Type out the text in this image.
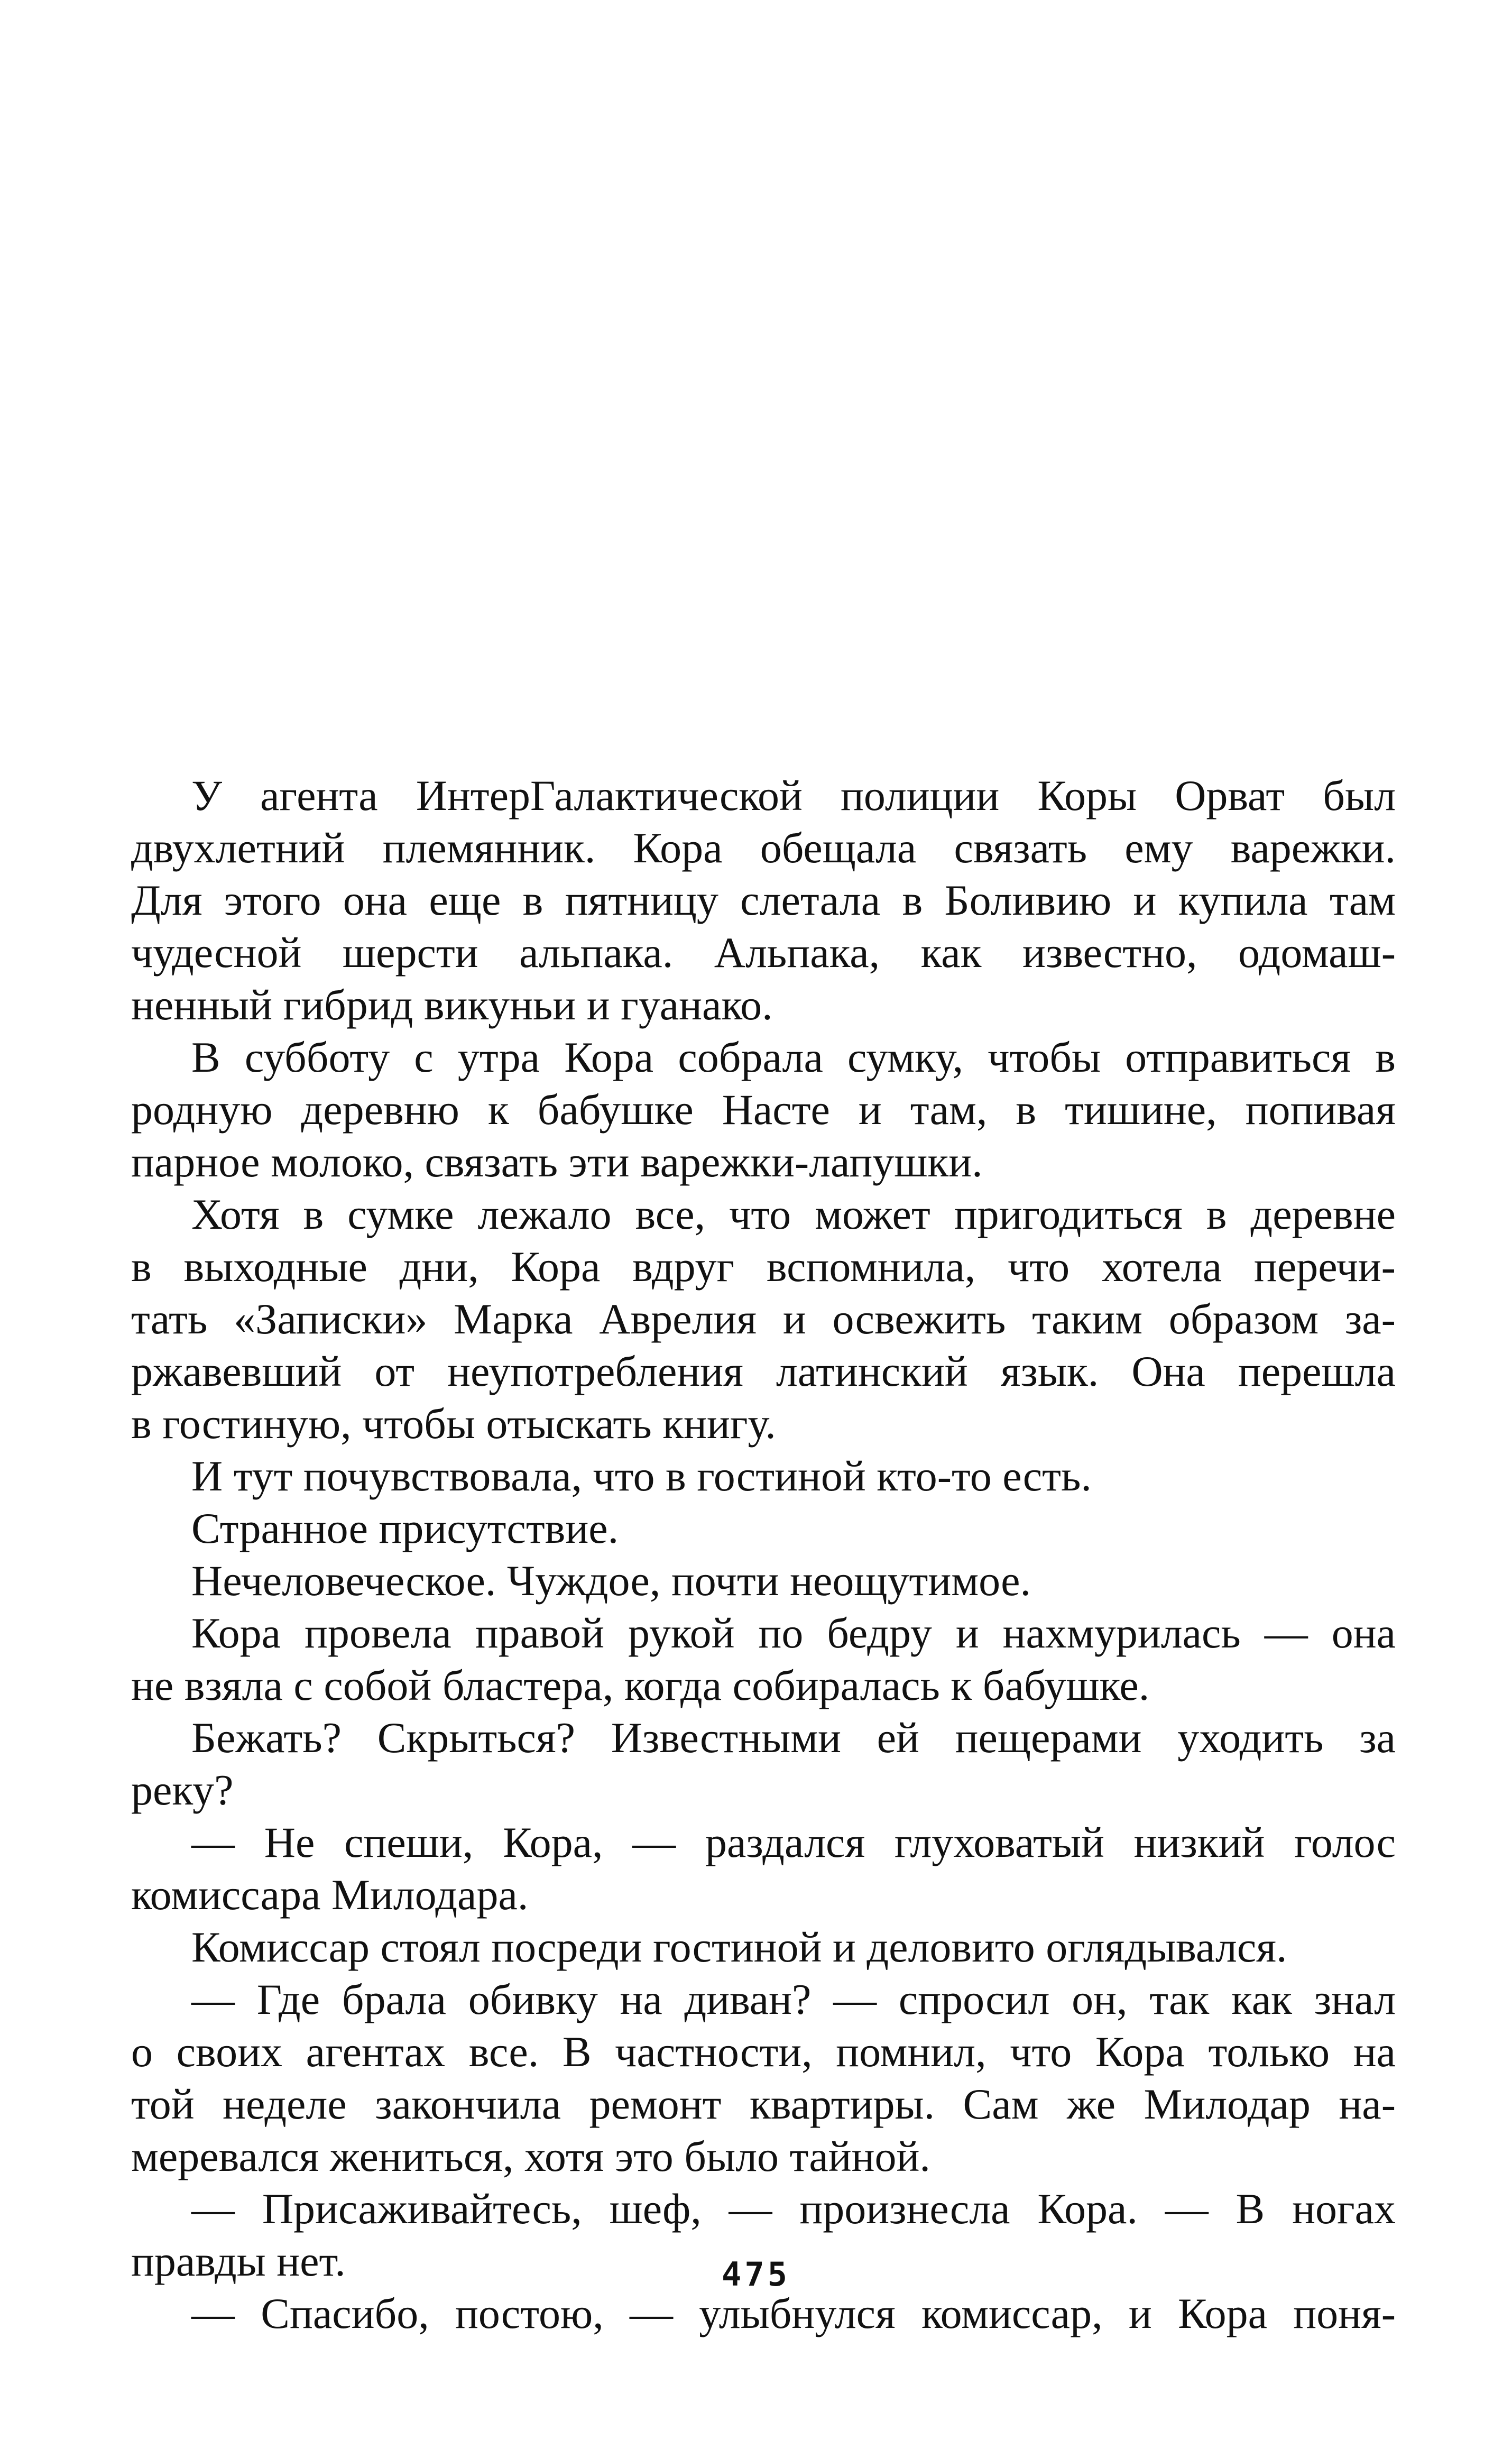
У агента ИнтерГалактической полиции Коры Орват был
двухлетний племянник. Кора обещала связать ему варежки.
Для этого она еще в пятницу слетала в Боливию и купила там
чудесной шерсти альпака. Альпака, как известно, одомаш-
ненный гибрид викуньи и гуанако.
В субботу с утра Кора собрала сумку, чтобы отправиться в
родную деревню к бабушке Насте и там, в тишине, попивая
парное молоко, связать эти варежки-лапушки.
Хотя в сумке лежало все, что может пригодиться в деревне
в выходные дни, Кора вдруг вспомнила, что хотела перечи-
тать «Записки» Марка Аврелия и освежить таким образом за-
ржавевший от неупотребления латинский язык. Она перешла
в гостиную, чтобы отыскать книгу.
И тут почувствовала, что в гостиной кто-то есть.
Странное присутствие.
Нечеловеческое. Чуждое, почти неощутимое.
Кора провела правой рукой по бедру и нахмурилась — она
не взяла с собой бластера, когда собиралась к бабушке.
Бежать? Скрыться? Известными ей пещерами уходить за
реку?
— Не спеши, Кора, — раздался глуховатый низкий голос
комиссара Милодара.
Комиссар стоял посреди гостиной и деловито оглядывался.
— Где брала обивку на диван? — спросил он, так как знал
о своих агентах все. В частности, помнил, что Кора только на
той неделе закончила ремонт квартиры. Сам же Милодар на-
меревался жениться, хотя это было тайной.
— Присаживайтесь, шеф, — произнесла Кора. — В ногах
правды нет.
— Спасибо, постою, — улыбнулся комиссар, и Кора поня-
475
